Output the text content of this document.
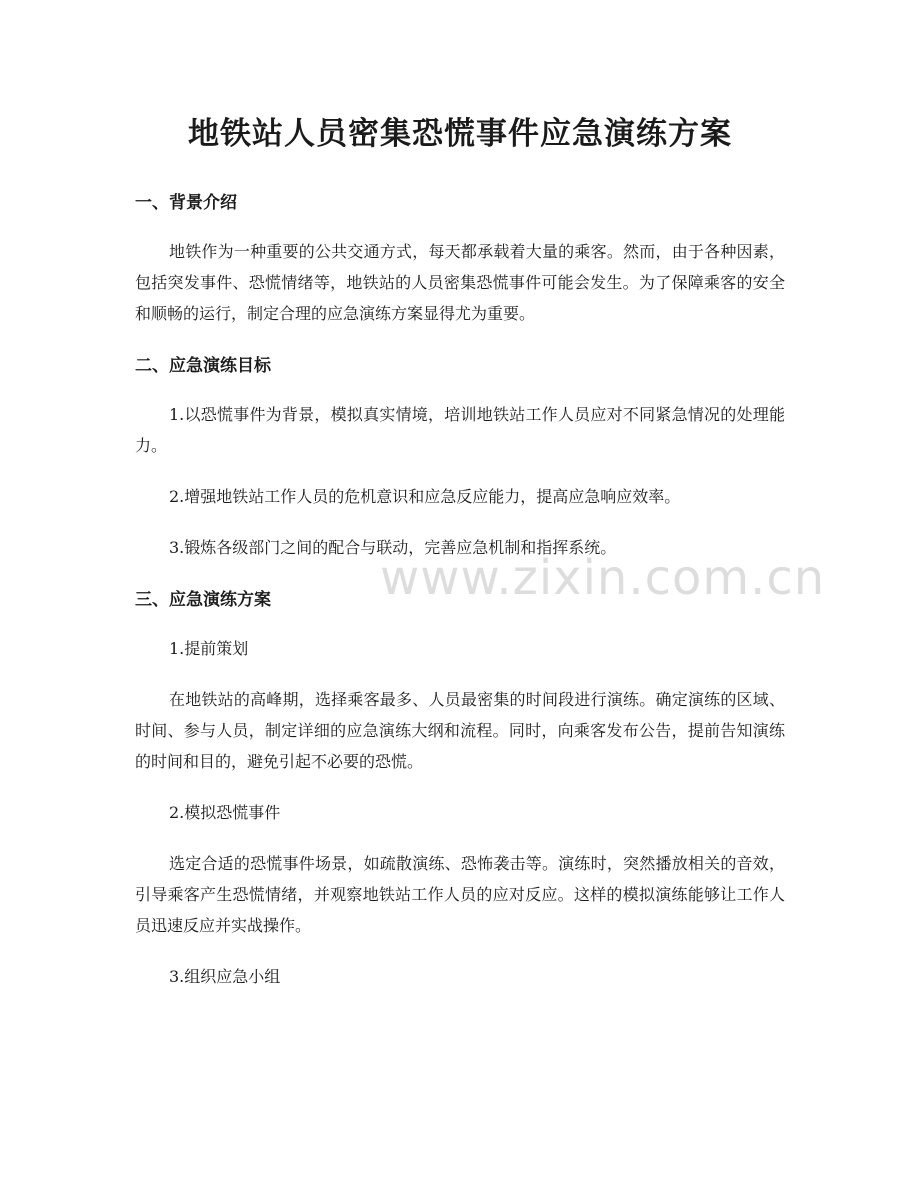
地铁站人员密集恐慌事件应急演练方案
www.zixin.com.cn
一、背景介绍

地铁作为一种重要的公共交通方式，每天都承载着大量的乘客。然而，由于各种因素，包括突发事件、恐慌情绪等，地铁站的人员密集恐慌事件可能会发生。为了保障乘客的安全和顺畅的运行，制定合理的应急演练方案显得尤为重要。

二、应急演练目标

1.以恐慌事件为背景，模拟真实情境，培训地铁站工作人员应对不同紧急情况的处理能力。

2.增强地铁站工作人员的危机意识和应急反应能力，提高应急响应效率。

3.锻炼各级部门之间的配合与联动，完善应急机制和指挥系统。

三、应急演练方案

1.提前策划

在地铁站的高峰期，选择乘客最多、人员最密集的时间段进行演练。确定演练的区域、时间、参与人员，制定详细的应急演练大纲和流程。同时，向乘客发布公告，提前告知演练的时间和目的，避免引起不必要的恐慌。

2.模拟恐慌事件

选定合适的恐慌事件场景，如疏散演练、恐怖袭击等。演练时，突然播放相关的音效，引导乘客产生恐慌情绪，并观察地铁站工作人员的应对反应。这样的模拟演练能够让工作人员迅速反应并实战操作。

3.组织应急小组
